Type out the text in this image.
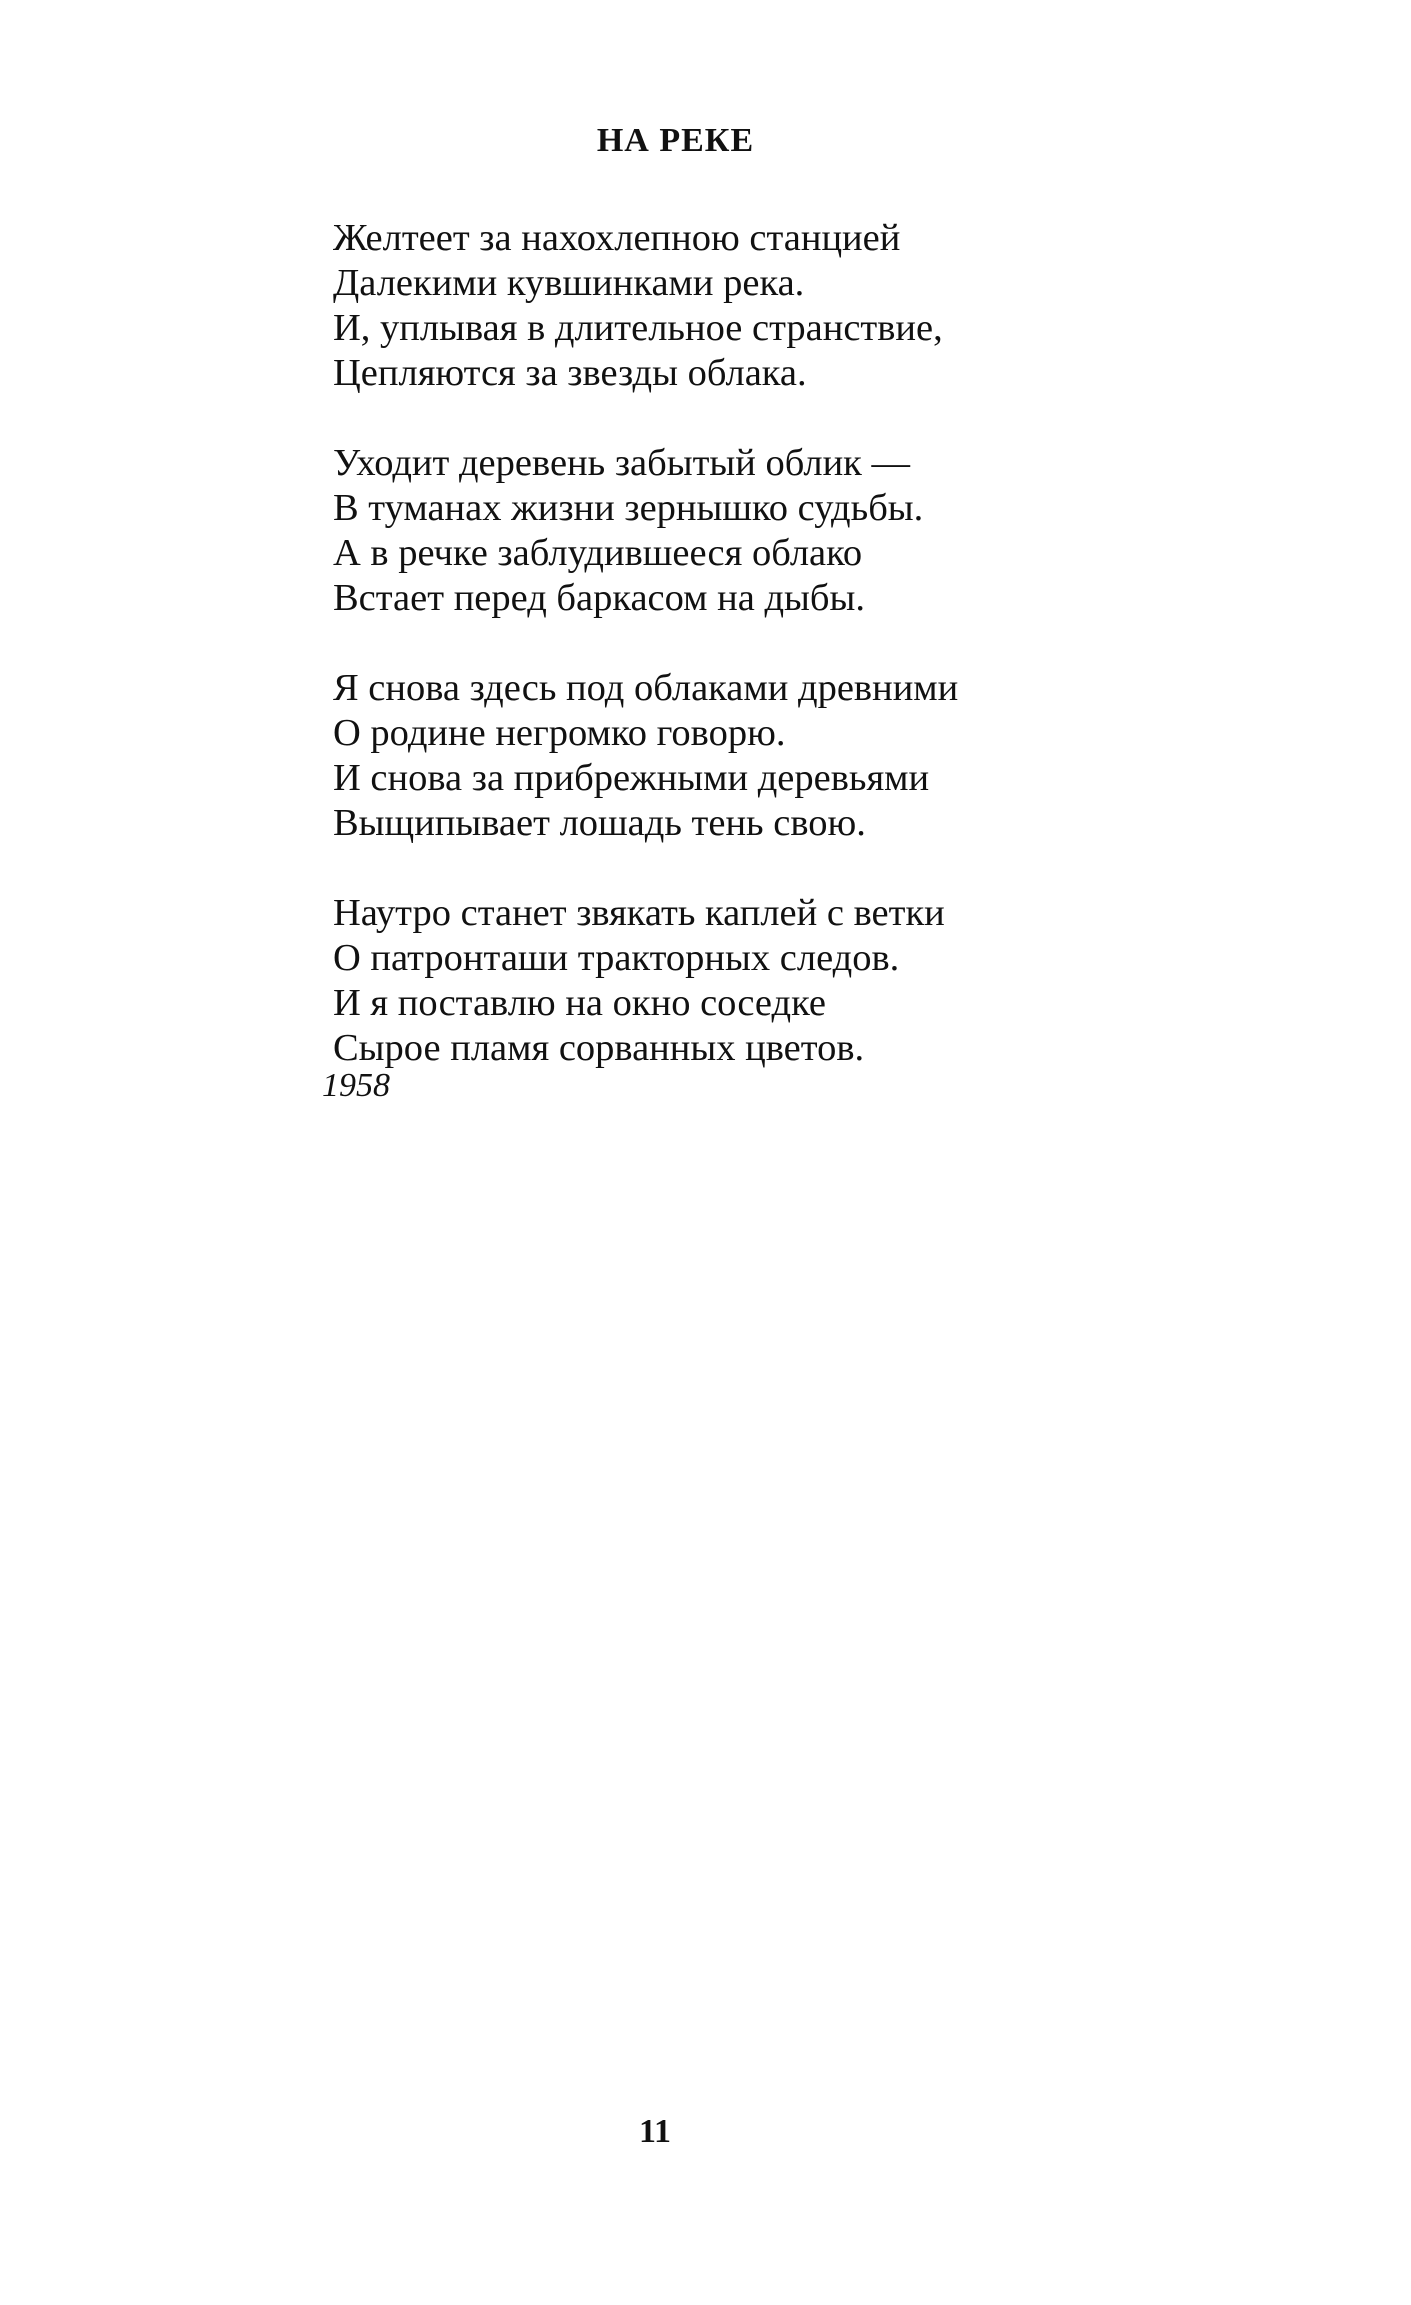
НА РЕКЕ
Желтеет за нахохлепною станцией
Далекими кувшинками река.
И, уплывая в длительное странствие,
Цепляются за звезды облака.
Уходит деревень забытый облик —
В туманах жизни зернышко судьбы.
А в речке заблудившееся облако
Встает перед баркасом на дыбы.
Я снова здесь под облаками древними
О родине негромко говорю.
И снова за прибрежными деревьями
Выщипывает лошадь тень свою.
Наутро станет звякать каплей с ветки
О патронташи тракторных следов.
И я поставлю на окно соседке
Сырое пламя сорванных цветов.
1958
11
